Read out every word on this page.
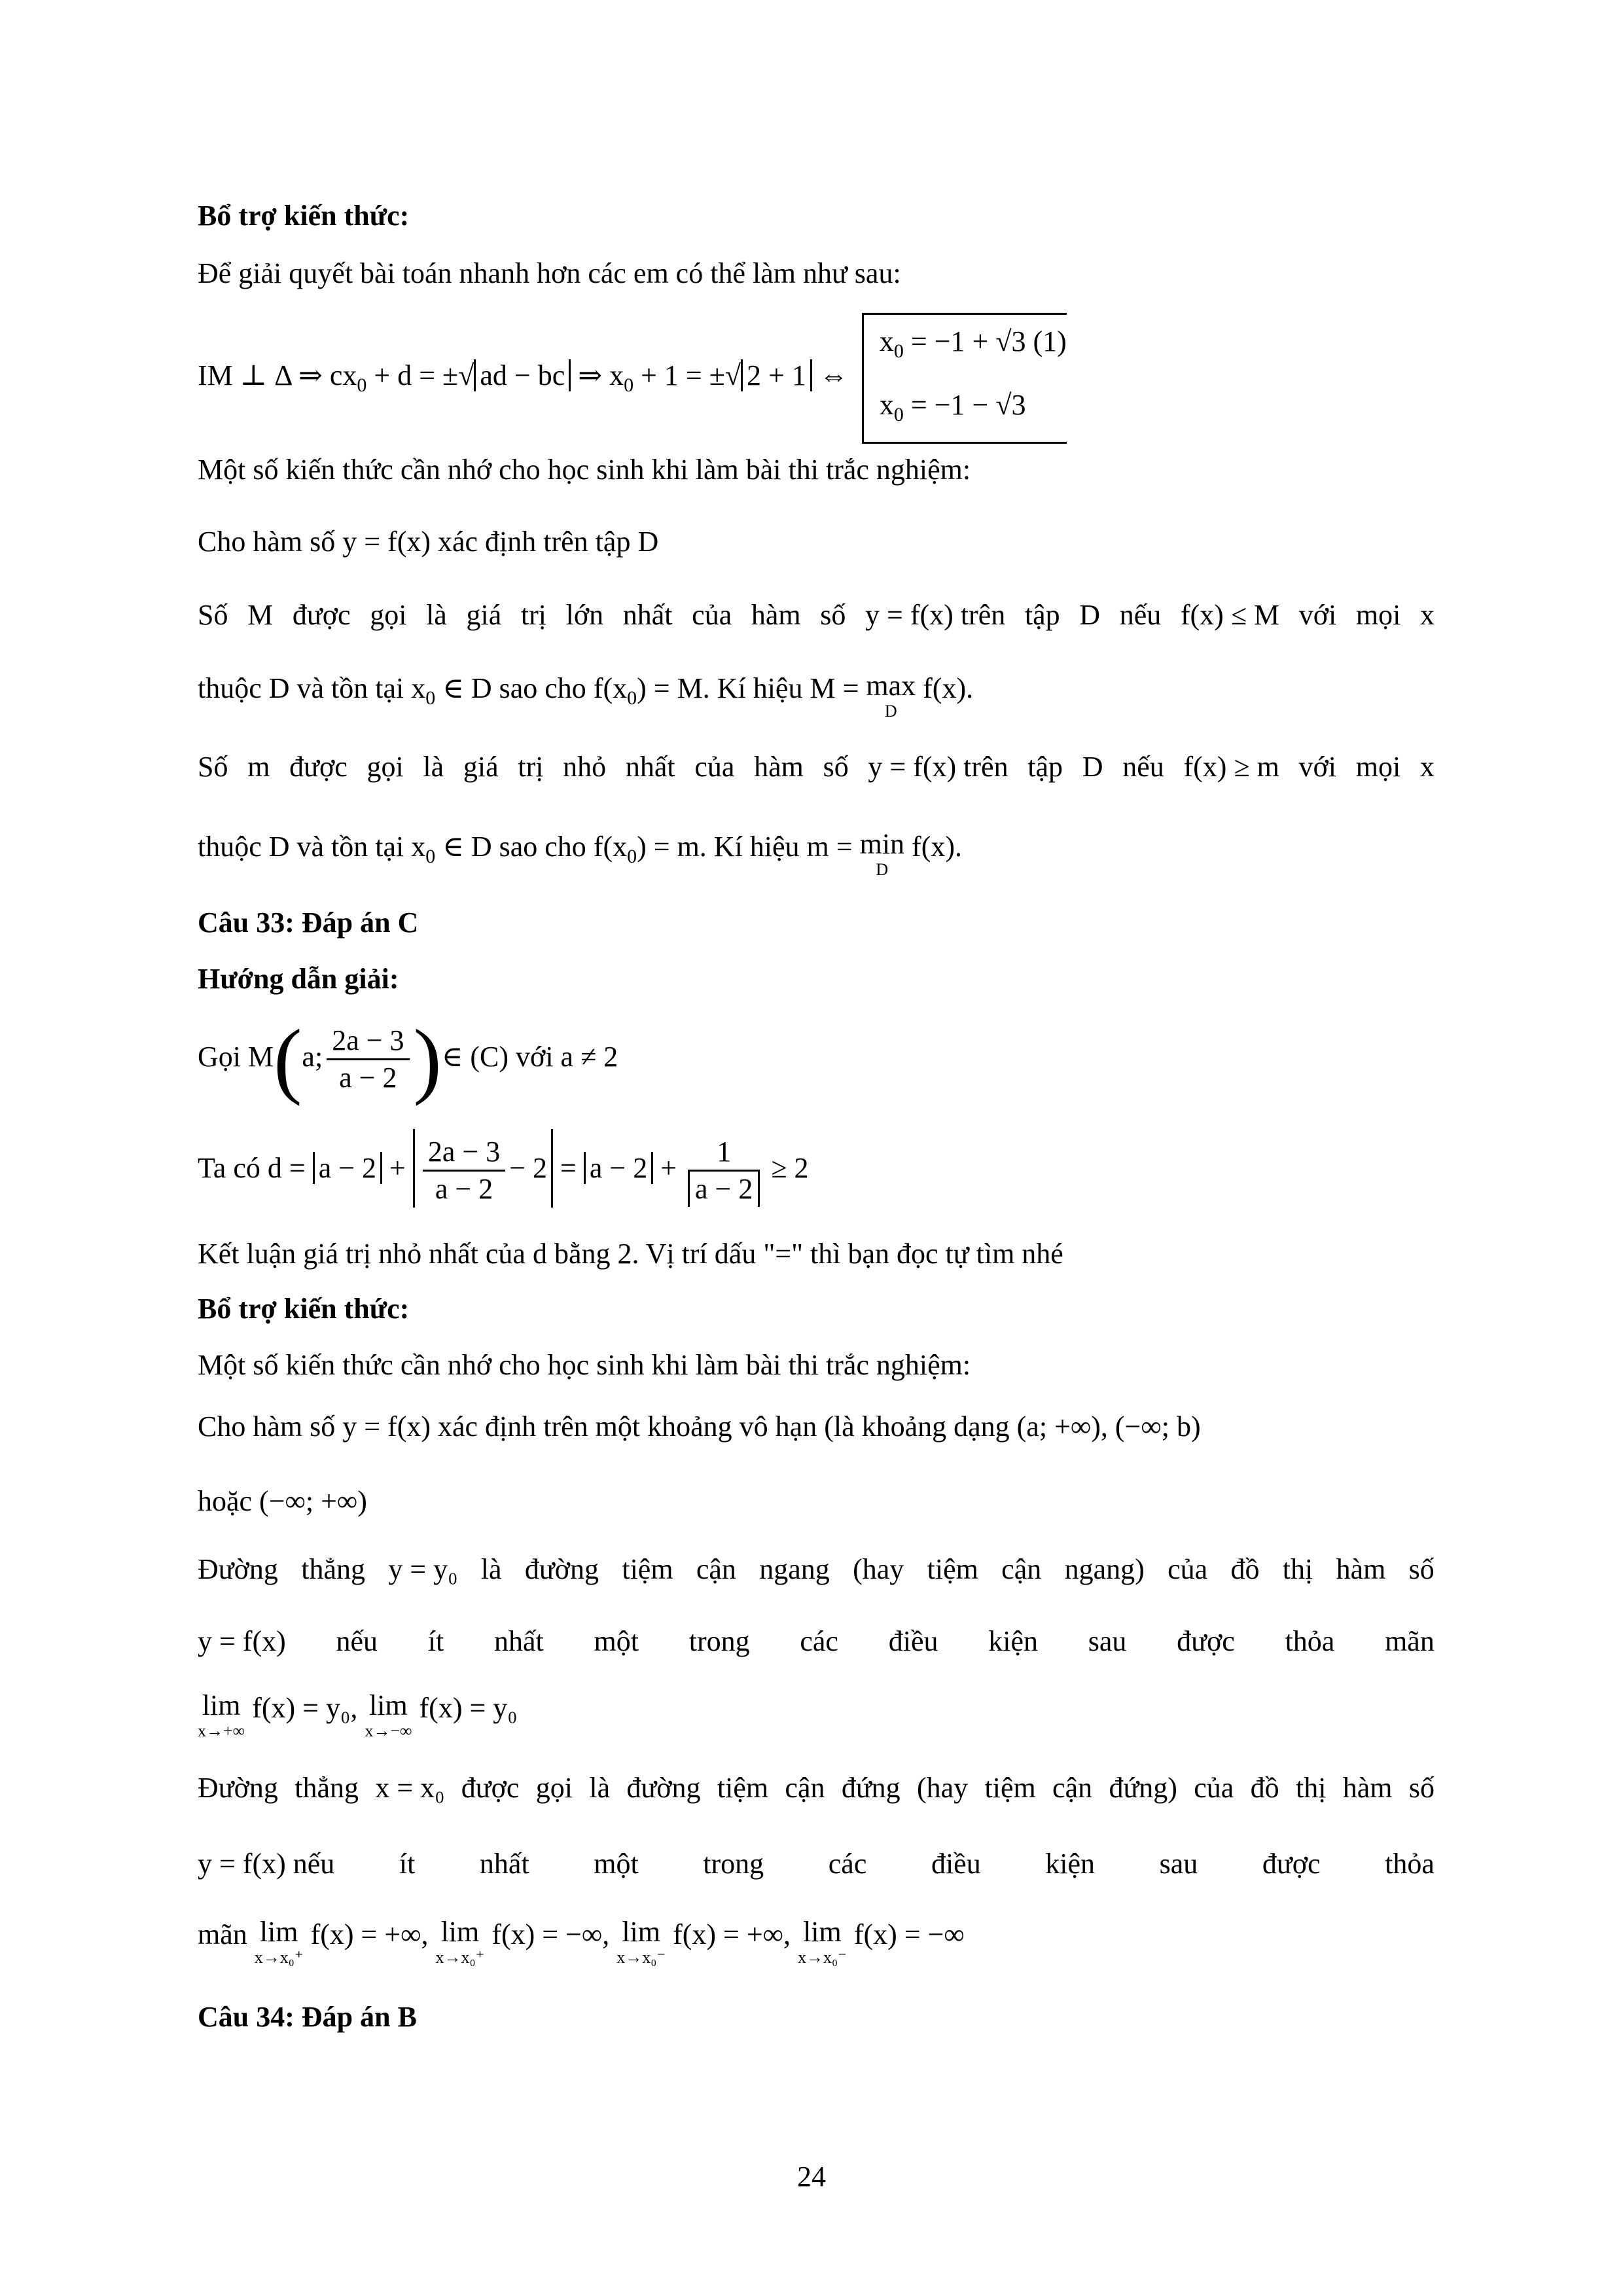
Bổ trợ kiến thức:
Để giải quyết bài toán nhanh hơn các em có thể làm như sau:
IM ⊥ Δ ⇒ $cx_0 + d$ = ±√ ad − bc ⇒ $x_0 + 1$ = ±√ 2 + 1 ⇔
$x_0 = -1 + √3$ (1)
$x_0 = -1 - √3$
Một số kiến thức cần nhớ cho học sinh khi làm bài thi trắc nghiệm:
Cho hàm số y = f(x) xác định trên tập D
Số M được gọi là giá trị lớn nhất của hàm số y = f(x) trên tập D nếu f(x) ≤ M với mọi x
thuộc D và tồn tại $x_0$ ∈ D sao cho $f(x_0) = M$. Kí hiệu M = max
D
f(x).
Số m được gọi là giá trị nhỏ nhất của hàm số y = f(x) trên tập D nếu f(x) ≥ m với mọi x
thuộc D và tồn tại $x_0$ ∈ D sao cho $f(x_0) = m$. Kí hiệu m = min
D
f(x).
Câu 33: Đáp án C
Hướng dẫn giải:
Gọi M(a; $\frac{2a - 3}{a - 2}$ )∈ (C) với a ≠ 2
Ta có $d = a - 2 + \frac{2a - 3}{a - 2} - 2 = a - 2 + \frac{1}{a - 2} \ge 2$
Kết luận giá trị nhỏ nhất của d bằng 2. Vị trí dấu "=" thì bạn đọc tự tìm nhé
Bổ trợ kiến thức:
Một số kiến thức cần nhớ cho học sinh khi làm bài thi trắc nghiệm:
Cho hàm số y = f(x) xác định trên một khoảng vô hạn (là khoảng dạng (a; +∞), (−∞; b)
hoặc (−∞; +∞)
Đường thẳng y = y₀ là đường tiệm cận ngang (hay tiệm cận ngang) của đồ thị hàm số
y = f(x) nếu ít nhất một trong các điều kiện sau được thỏa mãn
lim
x→+∞
f(x) = y₀, lim
x→−∞
f(x) = y₀
Đường thẳng x = x₀ được gọi là đường tiệm cận đứng (hay tiệm cận đứng) của đồ thị hàm số
y = f(x) nếu ít nhất một trong các điều kiện sau được thỏa
mãn lim
x→x₀⁺
f(x) = +∞, lim
x→x₀⁺
f(x) = −∞, lim
x→x₀⁻
f(x) = +∞, lim
x→x₀⁻
f(x) = −∞
Câu 34: Đáp án B
24
